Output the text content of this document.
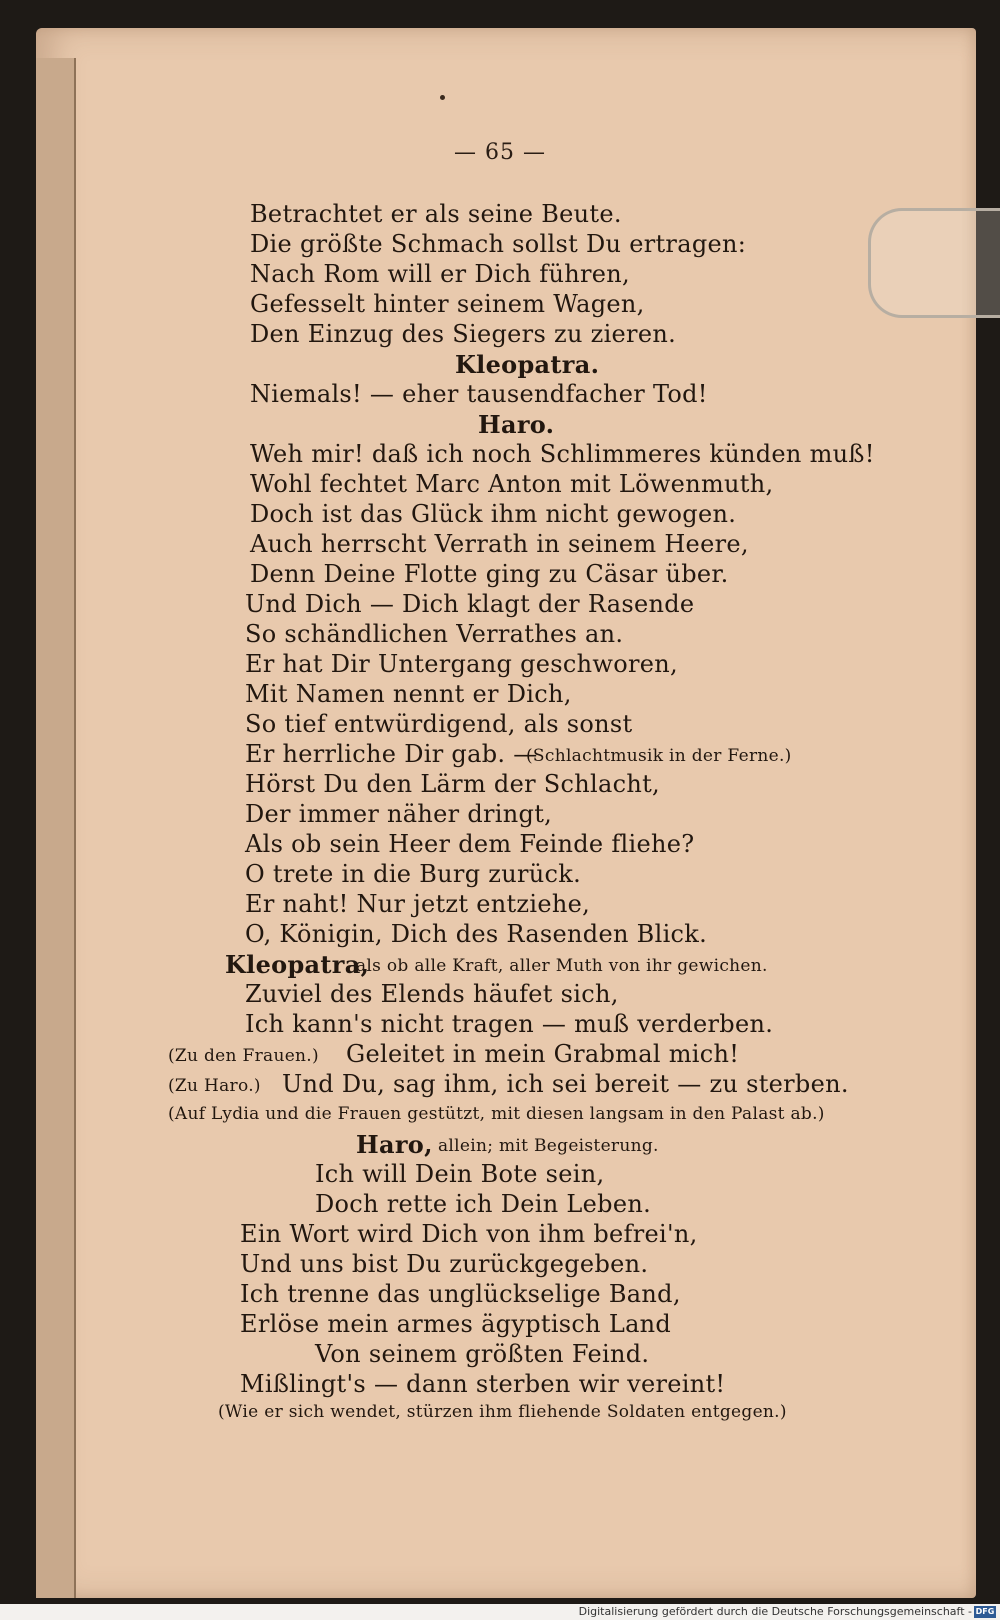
— 65 —
Betrachtet er als seine Beute.
Die größte Schmach sollst Du ertragen:
Nach Rom will er Dich führen,
Gefesselt hinter seinem Wagen,
Den Einzug des Siegers zu zieren.
Kleopatra.
Niemals! — eher tausendfacher Tod!
Haro.
Weh mir! daß ich noch Schlimmeres künden muß!
Wohl fechtet Marc Anton mit Löwenmuth,
Doch ist das Glück ihm nicht gewogen.
Auch herrscht Verrath in seinem Heere,
Denn Deine Flotte ging zu Cäsar über.
Und Dich — Dich klagt der Rasende
So schändlichen Verrathes an.
Er hat Dir Untergang geschworen,
Mit Namen nennt er Dich,
So tief entwürdigend, als sonst
Er herrliche Dir gab. —
(Schlachtmusik in der Ferne.)
Hörst Du den Lärm der Schlacht,
Der immer näher dringt,
Als ob sein Heer dem Feinde fliehe?
O trete in die Burg zurück.
Er naht! Nur jetzt entziehe,
O, Königin, Dich des Rasenden Blick.
Kleopatra,
als ob alle Kraft, aller Muth von ihr gewichen.
Zuviel des Elends häufet sich,
Ich kann's nicht tragen — muß verderben.
(Zu den Frauen.) Geleitet in mein Grabmal mich!
(Zu Haro.) Und Du, sag ihm, ich sei bereit — zu sterben.
(Auf Lydia und die Frauen gestützt, mit diesen langsam in den Palast ab.)
Haro, allein; mit Begeisterung.
Ich will Dein Bote sein,
Doch rette ich Dein Leben.
Ein Wort wird Dich von ihm befrei'n,
Und uns bist Du zurückgegeben.
Ich trenne das unglückselige Band,
Erlöse mein armes ägyptisch Land
Von seinem größten Feind.
Mißlingt's — dann sterben wir vereint!
(Wie er sich wendet, stürzen ihm fliehende Soldaten entgegen.)
Digitalisierung gefördert durch die Deutsche Forschungsgemeinschaft - DFG
